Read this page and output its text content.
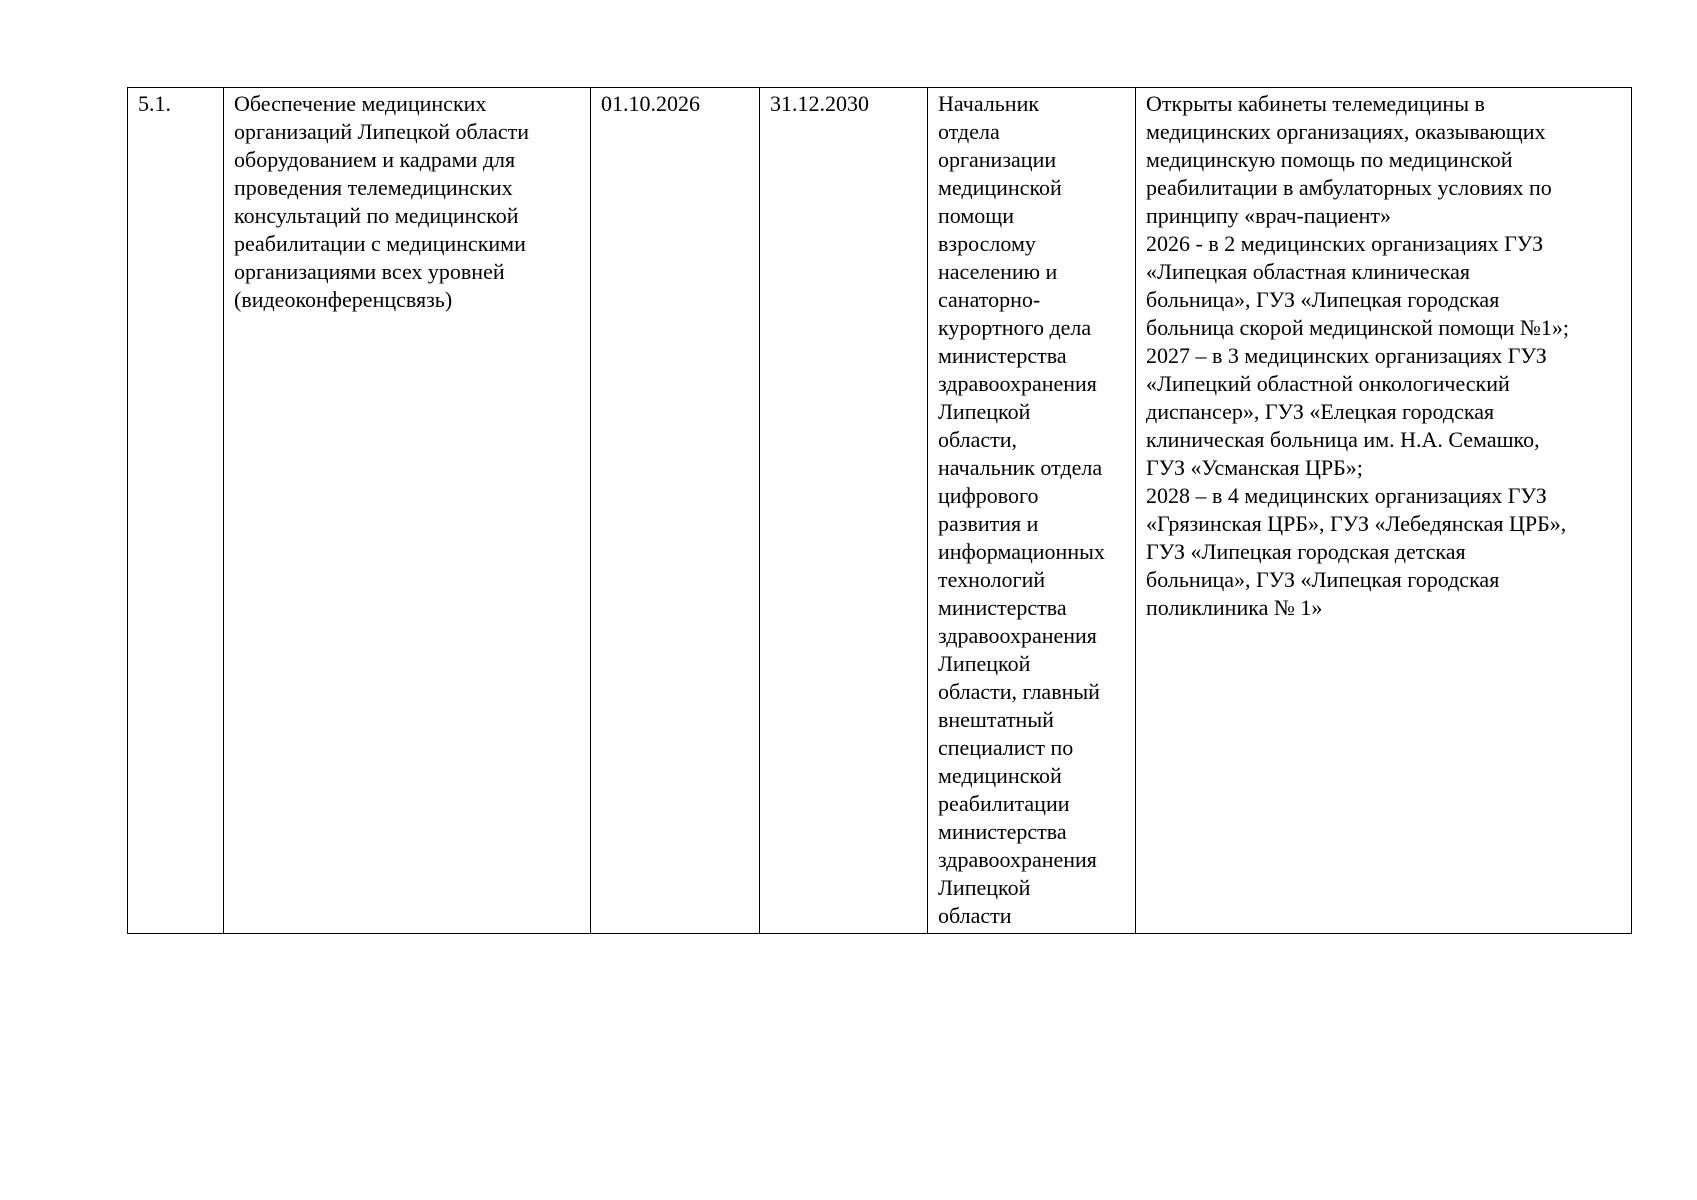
5.1.	Обеспечение медицинских
организаций Липецкой области
оборудованием и кадрами для
проведения телемедицинских
консультаций по медицинской
реабилитации с медицинскими
организациями всех уровней
(видеоконференцсвязь)	01.10.2026	31.12.2030	Начальник
отдела
организации
медицинской
помощи
взрослому
населению и
санаторно-
курортного дела
министерства
здравоохранения
Липецкой
области,
начальник отдела
цифрового
развития и
информационных
технологий
министерства
здравоохранения
Липецкой
области, главный
внештатный
специалист по
медицинской
реабилитации
министерства
здравоохранения
Липецкой
области	Открыты кабинеты телемедицины в
медицинских организациях, оказывающих
медицинскую помощь по медицинской
реабилитации в амбулаторных условиях по
принципу «врач-пациент»
2026 - в 2 медицинских организациях ГУЗ
«Липецкая областная клиническая
больница», ГУЗ «Липецкая городская
больница скорой медицинской помощи №1»;
2027 – в 3 медицинских организациях ГУЗ
«Липецкий областной онкологический
диспансер», ГУЗ «Елецкая городская
клиническая больница им. Н.А. Семашко,
ГУЗ «Усманская ЦРБ»;
2028 – в 4 медицинских организациях ГУЗ
«Грязинская ЦРБ», ГУЗ «Лебедянская ЦРБ»,
ГУЗ «Липецкая городская детская
больница», ГУЗ «Липецкая городская
поликлиника № 1»
